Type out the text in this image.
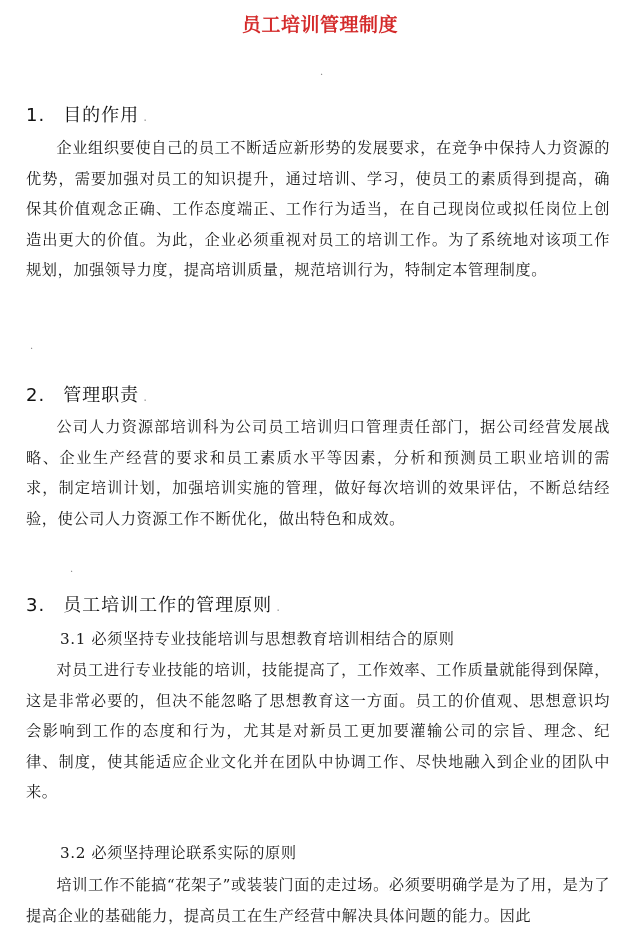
员工培训管理制度
·
1. 目的作用 .
企业组织要使自己的员工不断适应新形势的发展要求，在竞争中保持人力资源的优势，需要加强对员工的知识提升，通过培训、学习，使员工的素质得到提高，确保其价值观念正确、工作态度端正、工作行为适当，在自己现岗位或拟任岗位上创造出更大的价值。为此，企业必须重视对员工的培训工作。为了系统地对该项工作规划，加强领导力度，提高培训质量，规范培训行为，特制定本管理制度。
·
2. 管理职责 .
公司人力资源部培训科为公司员工培训归口管理责任部门，据公司经营发展战略、企业生产经营的要求和员工素质水平等因素，分析和预测员工职业培训的需求，制定培训计划，加强培训实施的管理，做好每次培训的效果评估，不断总结经验，使公司人力资源工作不断优化，做出特色和成效。
·
3. 员工培训工作的管理原则 .
3.1 必须坚持专业技能培训与思想教育培训相结合的原则
对员工进行专业技能的培训，技能提高了，工作效率、工作质量就能得到保障，这是非常必要的，但决不能忽略了思想教育这一方面。员工的价值观、思想意识均会影响到工作的态度和行为，尤其是对新员工更加要灌输公司的宗旨、理念、纪律、制度，使其能适应企业文化并在团队中协调工作、尽快地融入到企业的团队中来。
3.2 必须坚持理论联系实际的原则
培训工作不能搞“花架子”或装装门面的走过场。必须要明确学是为了用，是为了提高企业的基础能力，提高员工在生产经营中解决具体问题的能力。因此
